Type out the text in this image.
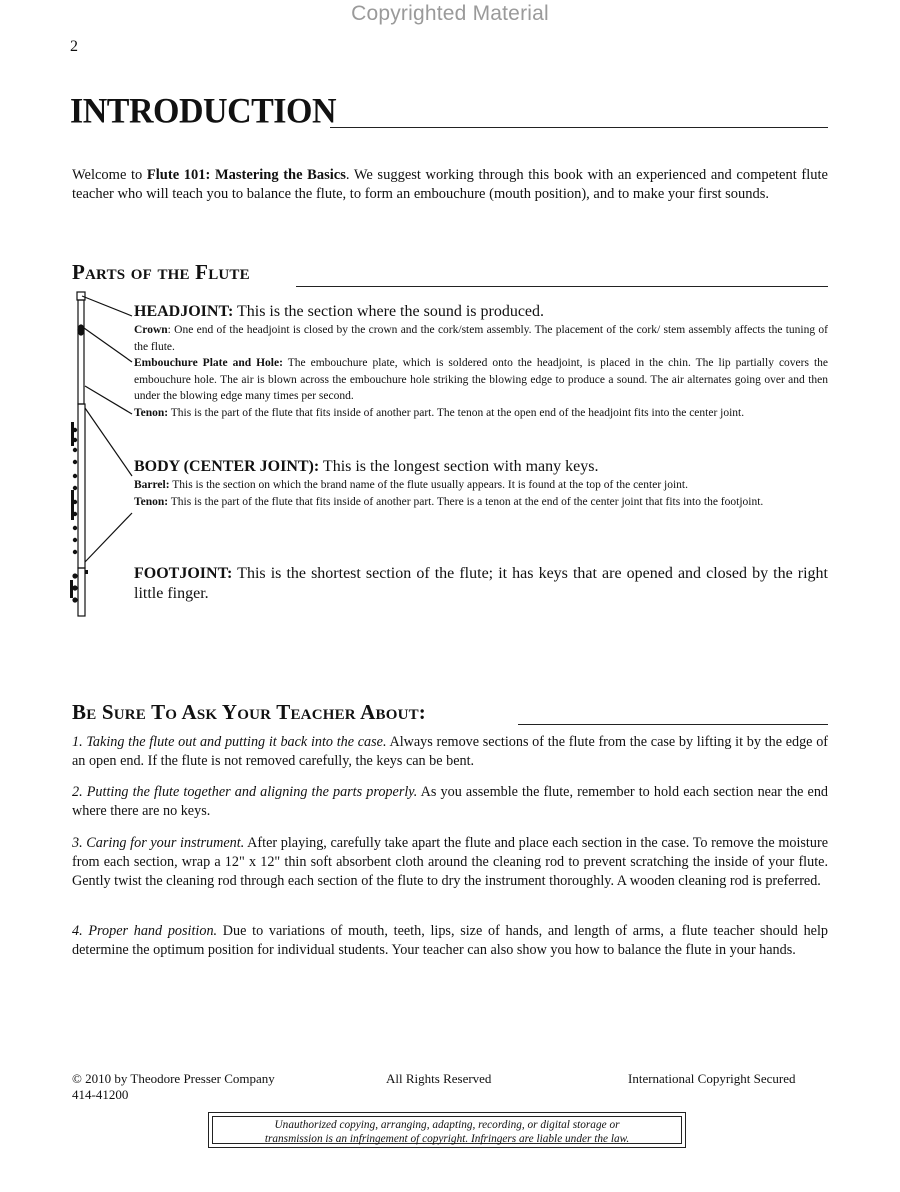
Copyrighted Material
2
INTRODUCTION
Welcome to Flute 101: Mastering the Basics. We suggest working through this book with an experienced and competent flute teacher who will teach you to balance the flute, to form an embouchure (mouth position), and to make your first sounds.
Parts of the Flute
HEADJOINT: This is the section where the sound is produced.
Crown: One end of the headjoint is closed by the crown and the cork/stem assembly. The placement of the cork/ stem assembly affects the tuning of the flute.
Embouchure Plate and Hole: The embouchure plate, which is soldered onto the headjoint, is placed in the chin. The lip partially covers the embouchure hole. The air is blown across the embouchure hole striking the blowing edge to produce a sound. The air alternates going over and then under the blowing edge many times per second.
Tenon: This is the part of the flute that fits inside of another part. The tenon at the open end of the headjoint fits into the center joint.
BODY (CENTER JOINT): This is the longest section with many keys.
Barrel: This is the section on which the brand name of the flute usually appears. It is found at the top of the center joint.
Tenon: This is the part of the flute that fits inside of another part. There is a tenon at the end of the center joint that fits into the footjoint.
FOOTJOINT: This is the shortest section of the flute; it has keys that are opened and closed by the right little finger.
Be Sure To Ask Your Teacher About:
1. Taking the flute out and putting it back into the case. Always remove sections of the flute from the case by lifting it by the edge of an open end. If the flute is not removed carefully, the keys can be bent.
2. Putting the flute together and aligning the parts properly. As you assemble the flute, remember to hold each section near the end where there are no keys.
3. Caring for your instrument. After playing, carefully take apart the flute and place each section in the case. To remove the moisture from each section, wrap a 12" x 12" thin soft absorbent cloth around the cleaning rod to prevent scratching the inside of your flute. Gently twist the cleaning rod through each section of the flute to dry the instrument thoroughly. A wooden cleaning rod is preferred.
4. Proper hand position. Due to variations of mouth, teeth, lips, size of hands, and length of arms, a flute teacher should help determine the optimum position for individual students. Your teacher can also show you how to balance the flute in your hands.
© 2010 by Theodore Presser Company
414-41200
All Rights Reserved	International Copyright Secured
Unauthorized copying, arranging, adapting, recording, or digital storage or
transmission is an infringement of copyright. Infringers are liable under the law.
